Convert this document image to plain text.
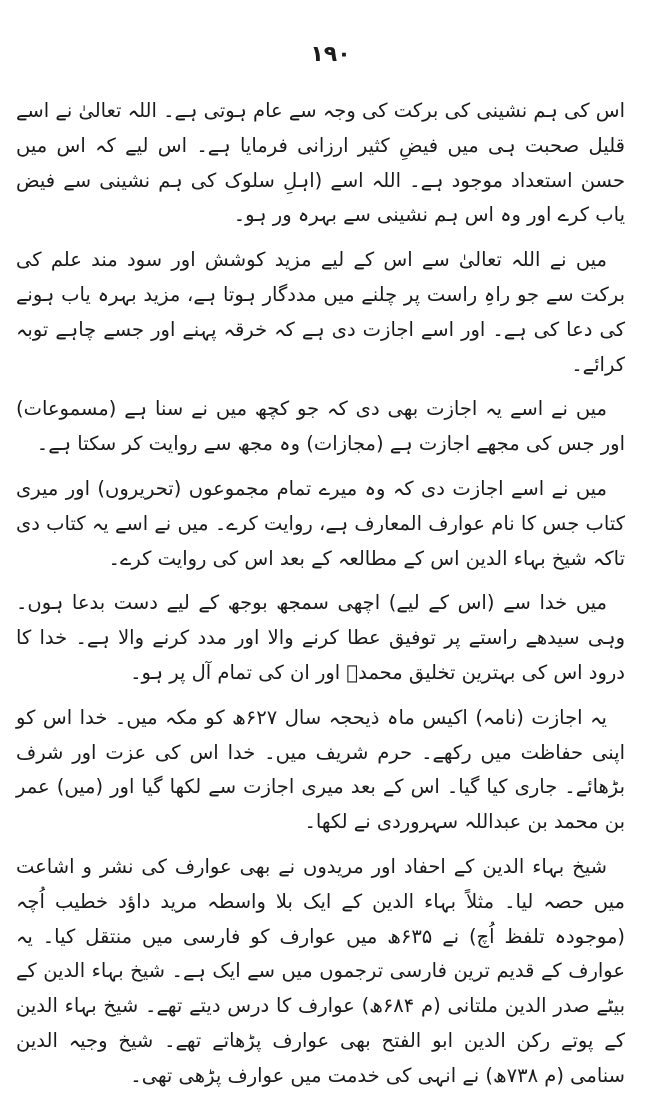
۱۹۰

اس کی ہم نشینی کی برکت کی وجہ سے عام ہوتی ہے۔ اللہ تعالیٰ نے اسے قلیل صحبت ہی میں فیضِ کثیر ارزانی فرمایا ہے۔ اس لیے کہ اس میں حسن استعداد موجود ہے۔ اللہ اسے (اہلِ سلوک کی ہم نشینی سے فیض یاب کرے اور وہ اس ہم نشینی سے بہرہ ور ہو۔

میں نے اللہ تعالیٰ سے اس کے لیے مزید کوشش اور سود مند علم کی برکت سے جو راہِ راست پر چلنے میں مددگار ہوتا ہے، مزید بہرہ یاب ہونے کی دعا کی ہے۔ اور اسے اجازت دی ہے کہ خرقہ پہنے اور جسے چاہے توبہ کرائے۔

میں نے اسے یہ اجازت بھی دی کہ جو کچھ میں نے سنا ہے (مسموعات) اور جس کی مجھے اجازت ہے (مجازات) وہ مجھ سے روایت کر سکتا ہے۔

میں نے اسے اجازت دی کہ وہ میرے تمام مجموعوں (تحریروں) اور میری کتاب جس کا نام عوارف المعارف ہے، روایت کرے۔ میں نے اسے یہ کتاب دی تاکہ شیخ بہاء الدین اس کے مطالعہ کے بعد اس کی روایت کرے۔

میں خدا سے (اس کے لیے) اچھی سمجھ بوجھ کے لیے دست بدعا ہوں۔ وہی سیدھے راستے پر توفیق عطا کرنے والا اور مدد کرنے والا ہے۔ خدا کا درود اس کی بہترین تخلیق محمدؐ اور ان کی تمام آل پر ہو۔

یہ اجازت (نامہ) اکیس ماہ ذیحجہ سال ۶۲۷ھ کو مکہ میں۔ خدا اس کو اپنی حفاظت میں رکھے۔ حرم شریف میں۔ خدا اس کی عزت اور شرف بڑھائے۔ جاری کیا گیا۔ اس کے بعد میری اجازت سے لکھا گیا اور (میں) عمر بن محمد بن عبداللہ سہروردی نے لکھا۔

شیخ بہاء الدین کے احفاد اور مریدوں نے بھی عوارف کی نشر و اشاعت میں حصہ لیا۔ مثلاً بہاء الدین کے ایک بلا واسطہ مرید داؤد خطیب اُچہ (موجودہ تلفظ اُچ) نے ۶۳۵ھ میں عوارف کو فارسی میں منتقل کیا۔ یہ عوارف کے قدیم ترین فارسی ترجموں میں سے ایک ہے۔ شیخ بہاء الدین کے بیٹے صدر الدین ملتانی (م ۶۸۴ھ) عوارف کا درس دیتے تھے۔ شیخ بہاء الدین کے پوتے رکن الدین ابو الفتح بھی عوارف پڑھاتے تھے۔ شیخ وجیہ الدین سنامی (م ۷۳۸ھ) نے انہی کی خدمت میں عوارف پڑھی تھی۔
